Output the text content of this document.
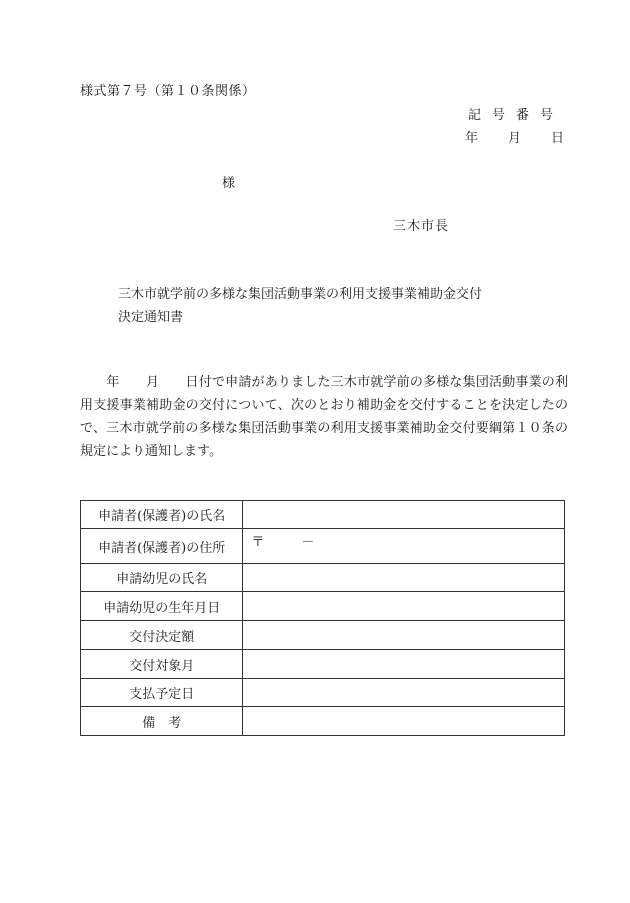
様式第７号（第１０条関係）
記号番号
年 月 日
様
三木市長
三木市就学前の多様な集団活動事業の利用支援事業補助金交付
決定通知書

　　年　　月　　日付で申請がありました三木市就学前の多様な集団活動事業の利用支援事業補助金の交付について、次のとおり補助金を交付することを決定したので、三木市就学前の多様な集団活動事業の利用支援事業補助金交付要綱第１０条の規定により通知します。

申請者(保護者)の氏名	
申請者(保護者)の住所	〒 －

申請幼児の氏名	
申請幼児の生年月日	
交付決定額	
交付対象月	
支払予定日	
備　考	
